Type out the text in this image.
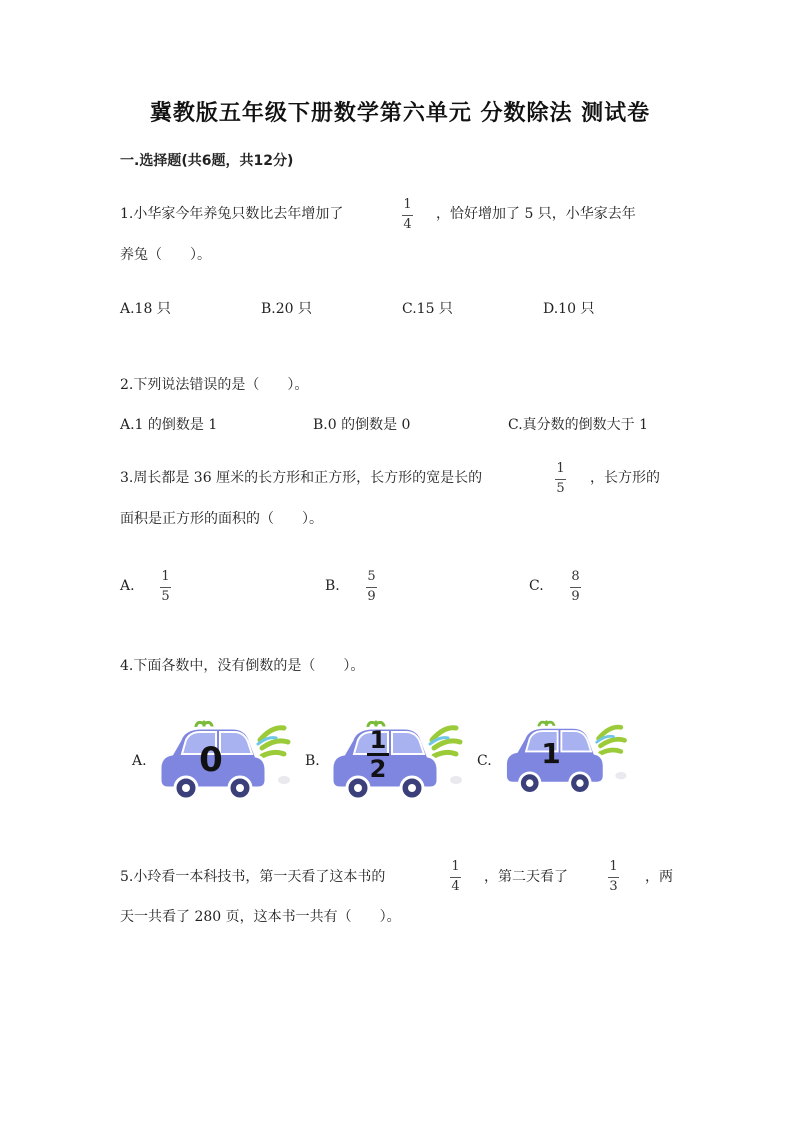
冀教版五年级下册数学第六单元 分数除法 测试卷
一.选择题(共6题，共12分)
1.小华家今年养兔只数比去年增加了
1
4
，恰好增加了 5 只，小华家去年
养兔（　　）。
A.18 只	B.20 只	C.15 只	D.10 只
2.下列说法错误的是（　　）。
A.1 的倒数是 1	B.0 的倒数是 0	C.真分数的倒数大于 1
3.周长都是 36 厘米的长方形和正方形，长方形的宽是长的
1
5
，长方形的
面积是正方形的面积的（　　）。
A.
1
5
B.
5
9
C.
8
9
4.下面各数中，没有倒数的是（　　）。
A. 0	B.
1
2	C. 1
5.小玲看一本科技书，第一天看了这本书的
1
4
，第二天看了
1
3
，两
天一共看了 280 页，这本书一共有（　　）。
